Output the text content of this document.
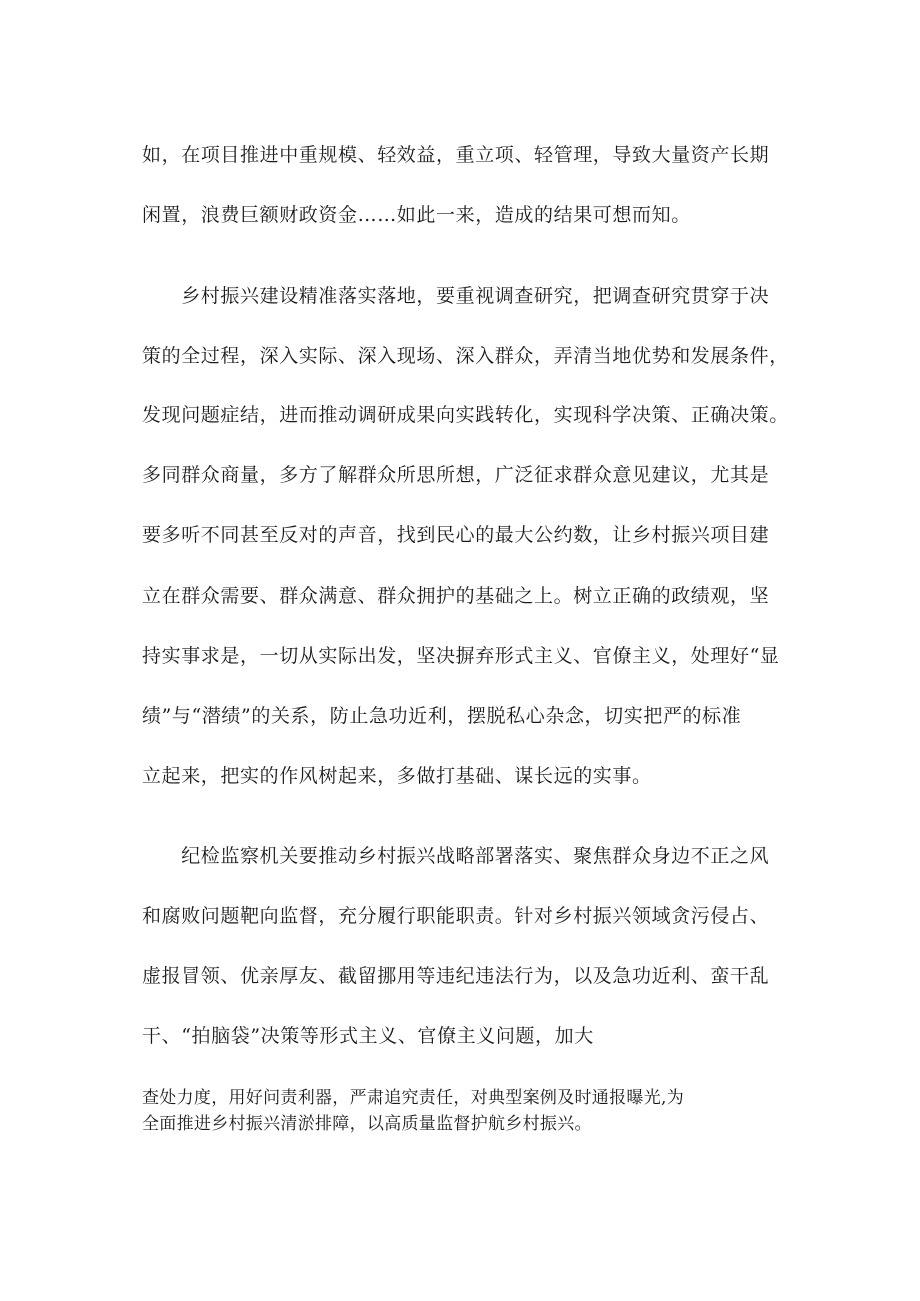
如，在项目推进中重规模、轻效益，重立项、轻管理，导致大量资产长期
闲置，浪费巨额财政资金……如此一来，造成的结果可想而知。
　　乡村振兴建设精准落实落地，要重视调查研究，把调查研究贯穿于决
策的全过程，深入实际、深入现场、深入群众，弄清当地优势和发展条件，
发现问题症结，进而推动调研成果向实践转化，实现科学决策、正确决策。
多同群众商量，多方了解群众所思所想，广泛征求群众意见建议，尤其是
要多听不同甚至反对的声音，找到民心的最大公约数，让乡村振兴项目建
立在群众需要、群众满意、群众拥护的基础之上。树立正确的政绩观，坚
持实事求是，一切从实际出发，坚决摒弃形式主义、官僚主义，处理好“显
绩”与“潜绩”的关系，防止急功近利，摆脱私心杂念，切实把严的标准
立起来，把实的作风树起来，多做打基础、谋长远的实事。
　　纪检监察机关要推动乡村振兴战略部署落实、聚焦群众身边不正之风
和腐败问题靶向监督，充分履行职能职责。针对乡村振兴领域贪污侵占、
虚报冒领、优亲厚友、截留挪用等违纪违法行为，以及急功近利、蛮干乱
干、“拍脑袋”决策等形式主义、官僚主义问题，加大
查处力度，用好问责利器，严肃追究责任，对典型案例及时通报曝光,为
全面推进乡村振兴清淤排障，以高质量监督护航乡村振兴。
